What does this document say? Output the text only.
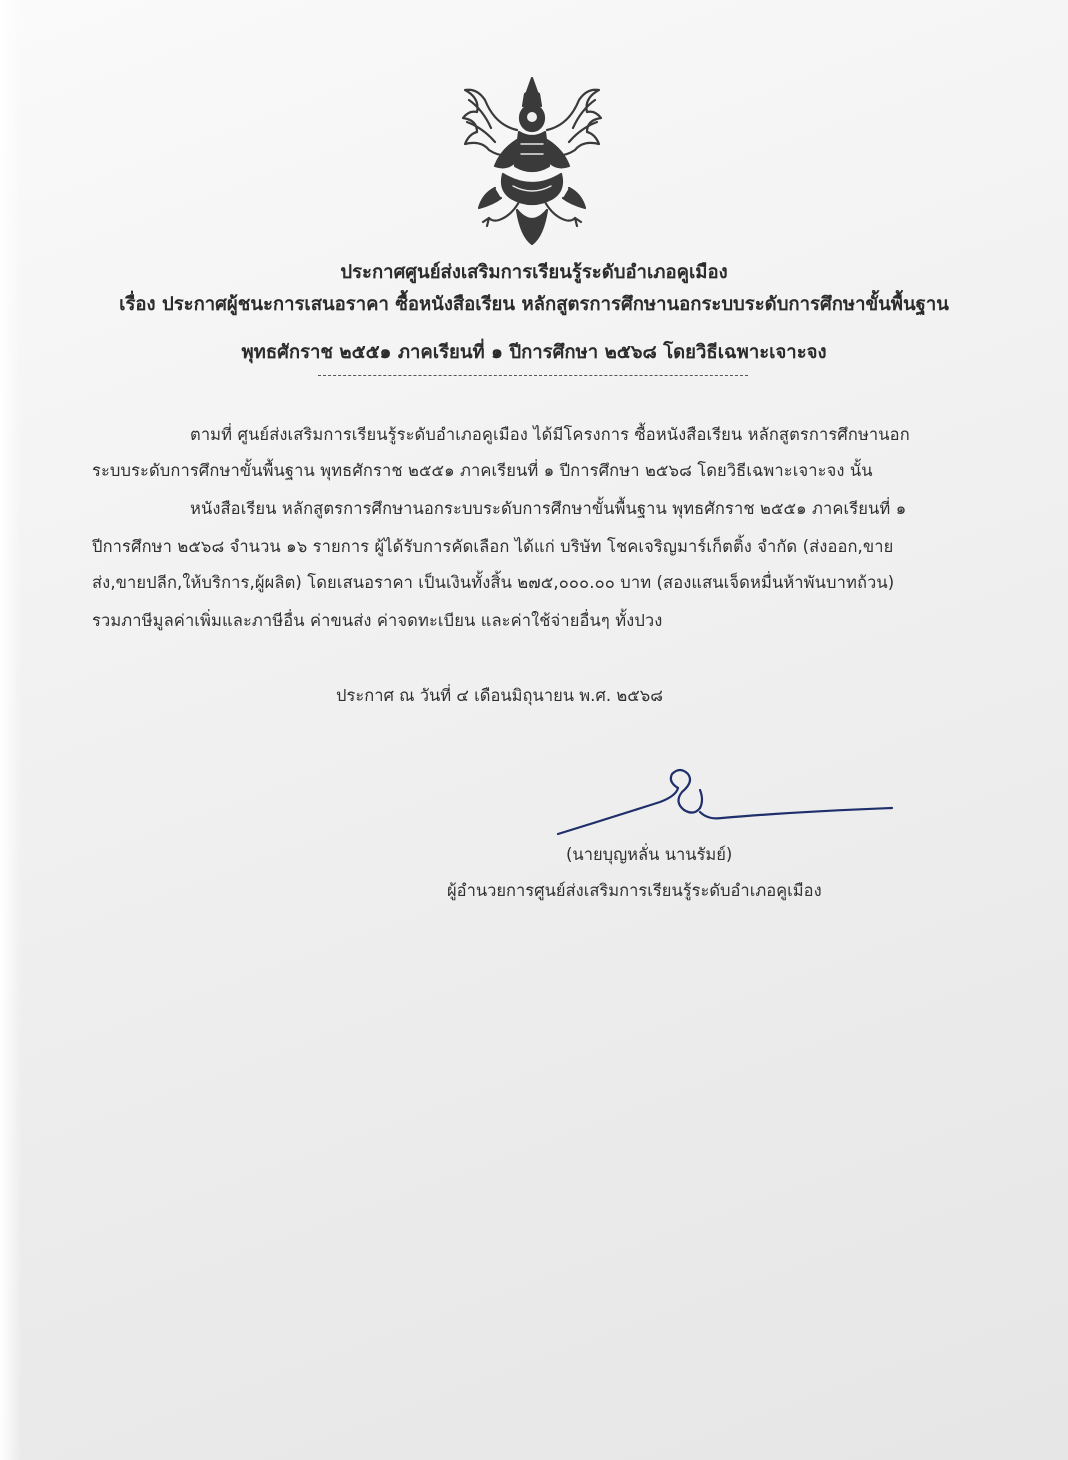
ประกาศศูนย์ส่งเสริมการเรียนรู้ระดับอำเภอคูเมือง
เรื่อง ประกาศผู้ชนะการเสนอราคา ซื้อหนังสือเรียน หลักสูตรการศึกษานอกระบบระดับการศึกษาขั้นพื้นฐาน
พุทธศักราช ๒๕๕๑ ภาคเรียนที่ ๑ ปีการศึกษา ๒๕๖๘ โดยวิธีเฉพาะเจาะจง
ตามที่ ศูนย์ส่งเสริมการเรียนรู้ระดับอำเภอคูเมือง ได้มีโครงการ ซื้อหนังสือเรียน หลักสูตรการศึกษานอก
ระบบระดับการศึกษาขั้นพื้นฐาน พุทธศักราช ๒๕๕๑ ภาคเรียนที่ ๑ ปีการศึกษา ๒๕๖๘ โดยวิธีเฉพาะเจาะจง นั้น
หนังสือเรียน หลักสูตรการศึกษานอกระบบระดับการศึกษาขั้นพื้นฐาน พุทธศักราช ๒๕๕๑ ภาคเรียนที่ ๑
ปีการศึกษา ๒๕๖๘ จำนวน ๑๖ รายการ ผู้ได้รับการคัดเลือก ได้แก่ บริษัท โชคเจริญมาร์เก็ตติ้ง จำกัด (ส่งออก,ขาย
ส่ง,ขายปลีก,ให้บริการ,ผู้ผลิต) โดยเสนอราคา เป็นเงินทั้งสิ้น ๒๗๕,๐๐๐.๐๐ บาท (สองแสนเจ็ดหมื่นห้าพันบาทถ้วน)
รวมภาษีมูลค่าเพิ่มและภาษีอื่น ค่าขนส่ง ค่าจดทะเบียน และค่าใช้จ่ายอื่นๆ ทั้งปวง
ประกาศ ณ วันที่ ๔ เดือนมิถุนายน พ.ศ. ๒๕๖๘
(นายบุญหลั่น นานรัมย์)
ผู้อำนวยการศูนย์ส่งเสริมการเรียนรู้ระดับอำเภอคูเมือง
